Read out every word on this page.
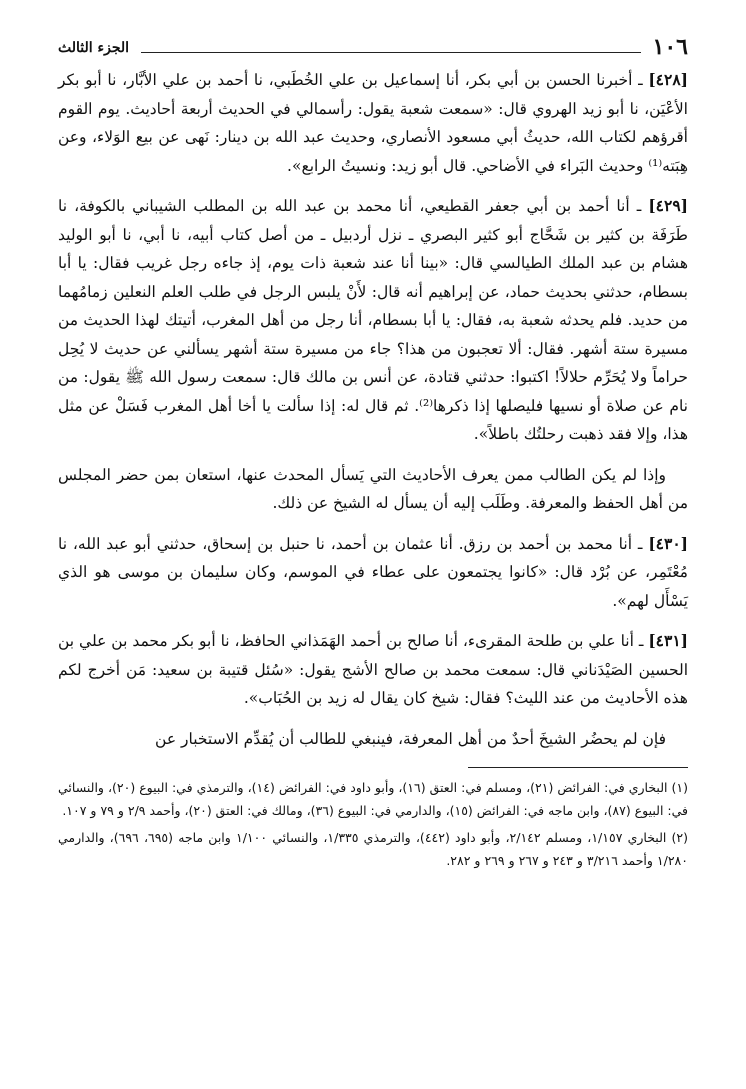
١٠٦
الجزء الثالث

[٤٢٨] ـ أخبرنا الحسن بن أبي بكر، أنا إسماعيل بن علي الخُطَبي، نا أحمد بن علي الأبَّار، نا أبو بكر الأعْيَن، نا أبو زيد الهروي قال: «سمعت شعبة يقول: رأسمالي في الحديث أربعة أحاديث. يوم القوم أقرؤهم لكتاب الله، حديثُ أبي مسعود الأنصاري، وحديث عبد الله بن دينار: نَهى عن بيع الوَلاء، وعن هِبَته⁽¹⁾ وحديث البَراء في الأضاحي. قال أبو زيد: ونسيتُ الرابع».

[٤٢٩] ـ أنا أحمد بن أبي جعفر القطيعي، أنا محمد بن عبد الله بن المطلب الشيباني بالكوفة، نا طَرَفَة بن كثير بن شَحَّاج أبو كثير البصري ـ نزل أردبيل ـ من أصل كتاب أبيه، نا أبي، نا أبو الوليد هشام بن عبد الملك الطيالسي قال: «بينا أنا عند شعبة ذات يوم، إذ جاءه رجل غريب فقال: يا أبا بسطام، حدثني بحديث حماد، عن إبراهيم أنه قال: لأَنْ يلبس الرجل في طلب العلم النعلين زمامُهما من حديد. فلم يحدثه شعبة به، فقال: يا أبا بسطام، أنا رجل من أهل المغرب، أتيتك لهذا الحديث من مسيرة ستة أشهر. فقال: ألا تعجبون من هذا؟ جاء من مسيرة ستة أشهر يسألني عن حديث لا يُحِل حراماً ولا يُحَرِّم حلالاً! اكتبوا: حدثني قتادة، عن أنس بن مالك قال: سمعت رسول الله ﷺ يقول: من نام عن صلاة أو نسيها فليصلها إذا ذكرها⁽²⁾. ثم قال له: إذا سألت يا أخا أهل المغرب فَسَلْ عن مثل هذا، وإلا فقد ذهبت رحلتُك باطلاً».

وإذا لم يكن الطالب ممن يعرف الأحاديث التي يَسأل المحدث عنها، استعان بمن حضر المجلس من أهل الحفظ والمعرفة. وطَلَب إليه أن يسأل له الشيخ عن ذلك.

[٤٣٠] ـ أنا محمد بن أحمد بن رزق. أنا عثمان بن أحمد، نا حنبل بن إسحاق، حدثني أبو عبد الله، نا مُعْتَمِر، عن بُرْد قال: «كانوا يجتمعون على عطاء في الموسم، وكان سليمان بن موسى هو الذي يَسْأَل لهم».

[٤٣١] ـ أنا علي بن طلحة المقرىء، أنا صالح بن أحمد الهَمَذاني الحافظ، نا أبو بكر محمد بن علي بن الحسين الصَيْدَناني قال: سمعت محمد بن صالح الأشج يقول: «سُئل قتيبة بن سعيد: مَن أخرج لكم هذه الأحاديث من عند الليث؟ فقال: شيخ كان يقال له زيد بن الحُبَاب».

فإن لم يحضُر الشيخَ أحدٌ من أهل المعرفة، فينبغي للطالب أن يُقدِّم الاستخبار عن

(١) البخاري في: الفرائض (٢١)، ومسلم في: العتق (١٦)، وأبو داود في: الفرائض (١٤)، والترمذي في: البيوع (٢٠)، والنسائي في: البيوع (٨٧)، وابن ماجه في: الفرائض (١٥)، والدارمي في: البيوع (٣٦)، ومالك في: العتق (٢٠)، وأحمد ٢/٩ و ٧٩ و ١٠٧.

(٢) البخاري ١/١٥٧، ومسلم ٢/١٤٢، وأبو داود (٤٤٢)، والترمذي ١/٣٣٥، والنسائي ١/١٠٠ وابن ماجه (٦٩٥، ٦٩٦)، والدارمي ١/٢٨٠ وأحمد ٣/٢١٦ و ٢٤٣ و ٢٦٧ و ٢٦٩ و ٢٨٢.
